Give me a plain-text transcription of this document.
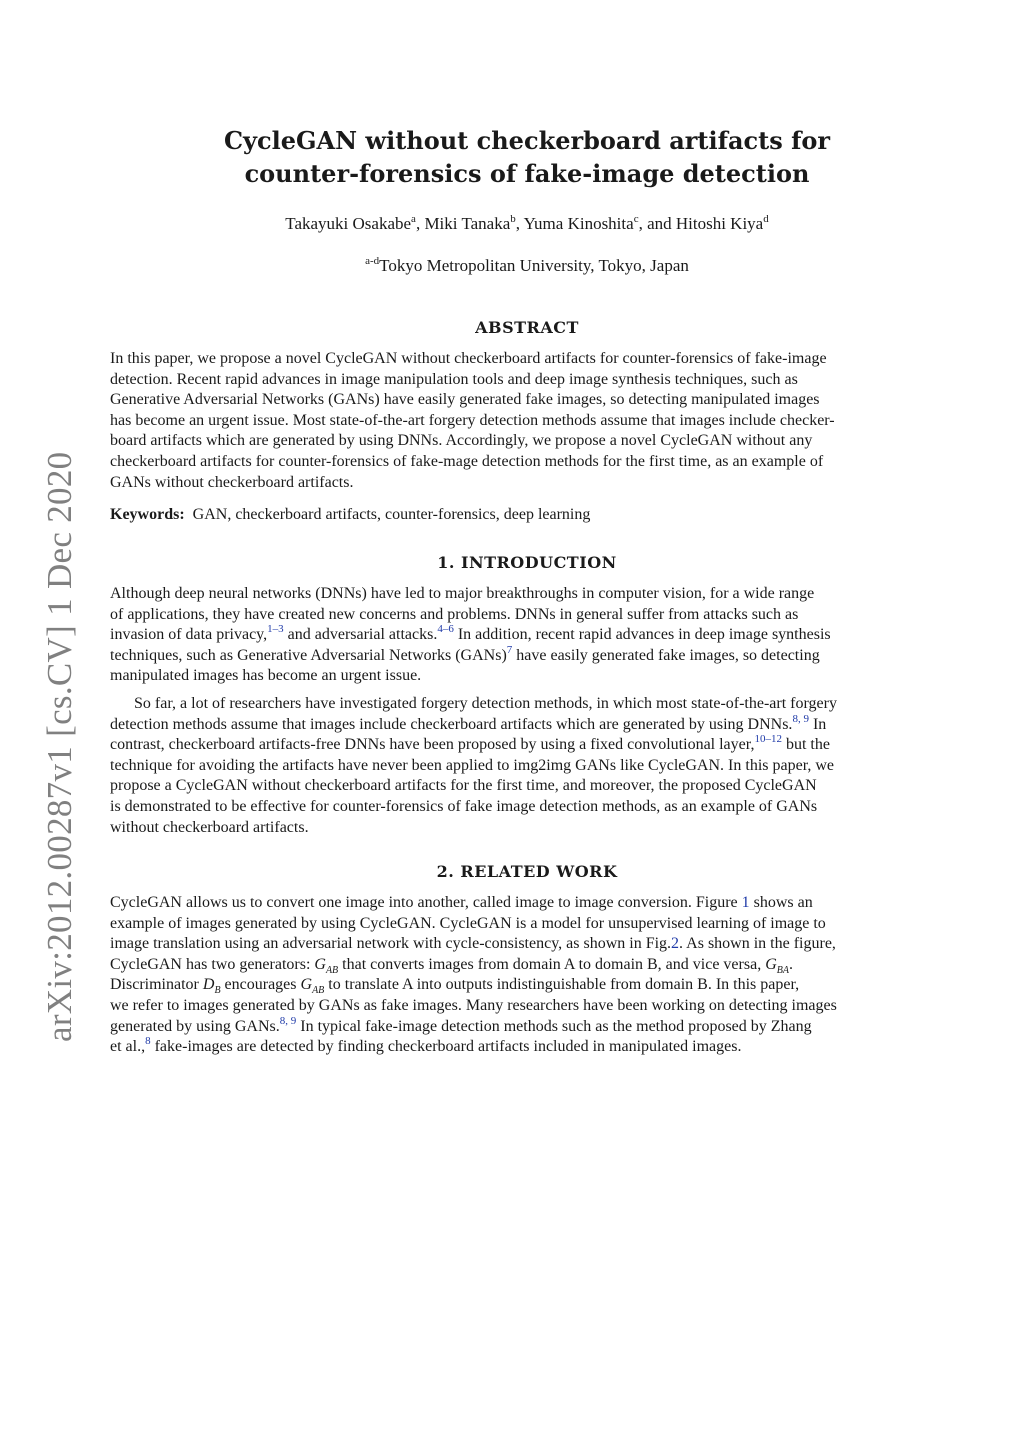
arXiv:2012.00287v1 [cs.CV] 1 Dec 2020
CycleGAN without checkerboard artifacts for
counter-forensics of fake-image detection
Takayuki Osakabe$^a$, Miki Tanaka$^b$, Yuma Kinoshita$^c$, and Hitoshi Kiya$^d$
$^{a-d}$Tokyo Metropolitan University, Tokyo, Japan
ABSTRACT

In this paper, we propose a novel CycleGAN without checkerboard artifacts for counter-forensics of fake-image
detection. Recent rapid advances in image manipulation tools and deep image synthesis techniques, such as
Generative Adversarial Networks (GANs) have easily generated fake images, so detecting manipulated images
has become an urgent issue. Most state-of-the-art forgery detection methods assume that images include checker-
board artifacts which are generated by using DNNs. Accordingly, we propose a novel CycleGAN without any
checkerboard artifacts for counter-forensics of fake-mage detection methods for the first time, as an example of
GANs without checkerboard artifacts.

Keywords: GAN, checkerboard artifacts, counter-forensics, deep learning

1. INTRODUCTION

Although deep neural networks (DNNs) have led to major breakthroughs in computer vision, for a wide range
of applications, they have created new concerns and problems. DNNs in general suffer from attacks such as
invasion of data privacy,$^{1-3}$ and adversarial attacks.$^{4-6}$ In addition, recent rapid advances in deep image synthesis
techniques, such as Generative Adversarial Networks (GANs)$^7$ have easily generated fake images, so detecting
manipulated images has become an urgent issue.

So far, a lot of researchers have investigated forgery detection methods, in which most state-of-the-art forgery
detection methods assume that images include checkerboard artifacts which are generated by using DNNs.$^{8, 9}$ In
contrast, checkerboard artifacts-free DNNs have been proposed by using a fixed convolutional layer,$^{10-12}$ but the
technique for avoiding the artifacts have never been applied to img2img GANs like CycleGAN. In this paper, we
propose a CycleGAN without checkerboard artifacts for the first time, and moreover, the proposed CycleGAN
is demonstrated to be effective for counter-forensics of fake image detection methods, as an example of GANs
without checkerboard artifacts.

2. RELATED WORK

CycleGAN allows us to convert one image into another, called image to image conversion. Figure 1 shows an
example of images generated by using CycleGAN. CycleGAN is a model for unsupervised learning of image to
image translation using an adversarial network with cycle-consistency, as shown in Fig.2. As shown in the figure,
CycleGAN has two generators: $G_{AB}$ that converts images from domain A to domain B, and vice versa, $G_{BA}$.
Discriminator $D_B$ encourages $G_{AB}$ to translate A into outputs indistinguishable from domain B. In this paper,
we refer to images generated by GANs as fake images. Many researchers have been working on detecting images
generated by using GANs.$^{8, 9}$ In typical fake-image detection methods such as the method proposed by Zhang
et al.,$^8$ fake-images are detected by finding checkerboard artifacts included in manipulated images.
